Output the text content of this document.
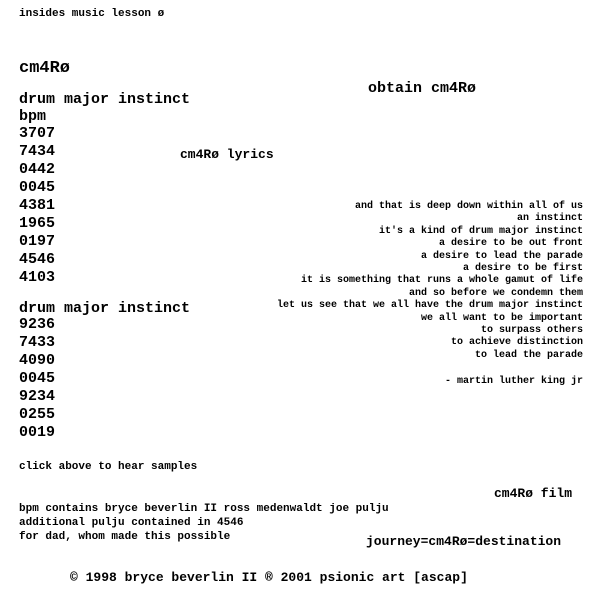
insides music lesson ø
cm4Rø
obtain cm4Rø
drum major instinct
bpm
3707
7434
0442
0045
4381
1965
0197
4546
4103
cm4Rø lyrics
and that is deep down within all of us
an instinct
it's a kind of drum major instinct
a desire to be out front
a desire to lead the parade
a desire to be first
it is something that runs a whole gamut of life
and so before we condemn them
let us see that we all have the drum major instinct
we all want to be important
to surpass others
to achieve distinction
to lead the parade
- martin luther king jr
drum major instinct
9236
7433
4090
0045
9234
0255
0019
click above to hear samples
cm4Rø film
bpm contains bryce beverlin II ross medenwaldt joe pulju
additional pulju contained in 4546
for dad, whom made this possible	journey=cm4Rø=destination
© 1998 bryce beverlin II ® 2001 psionic art [ascap]
